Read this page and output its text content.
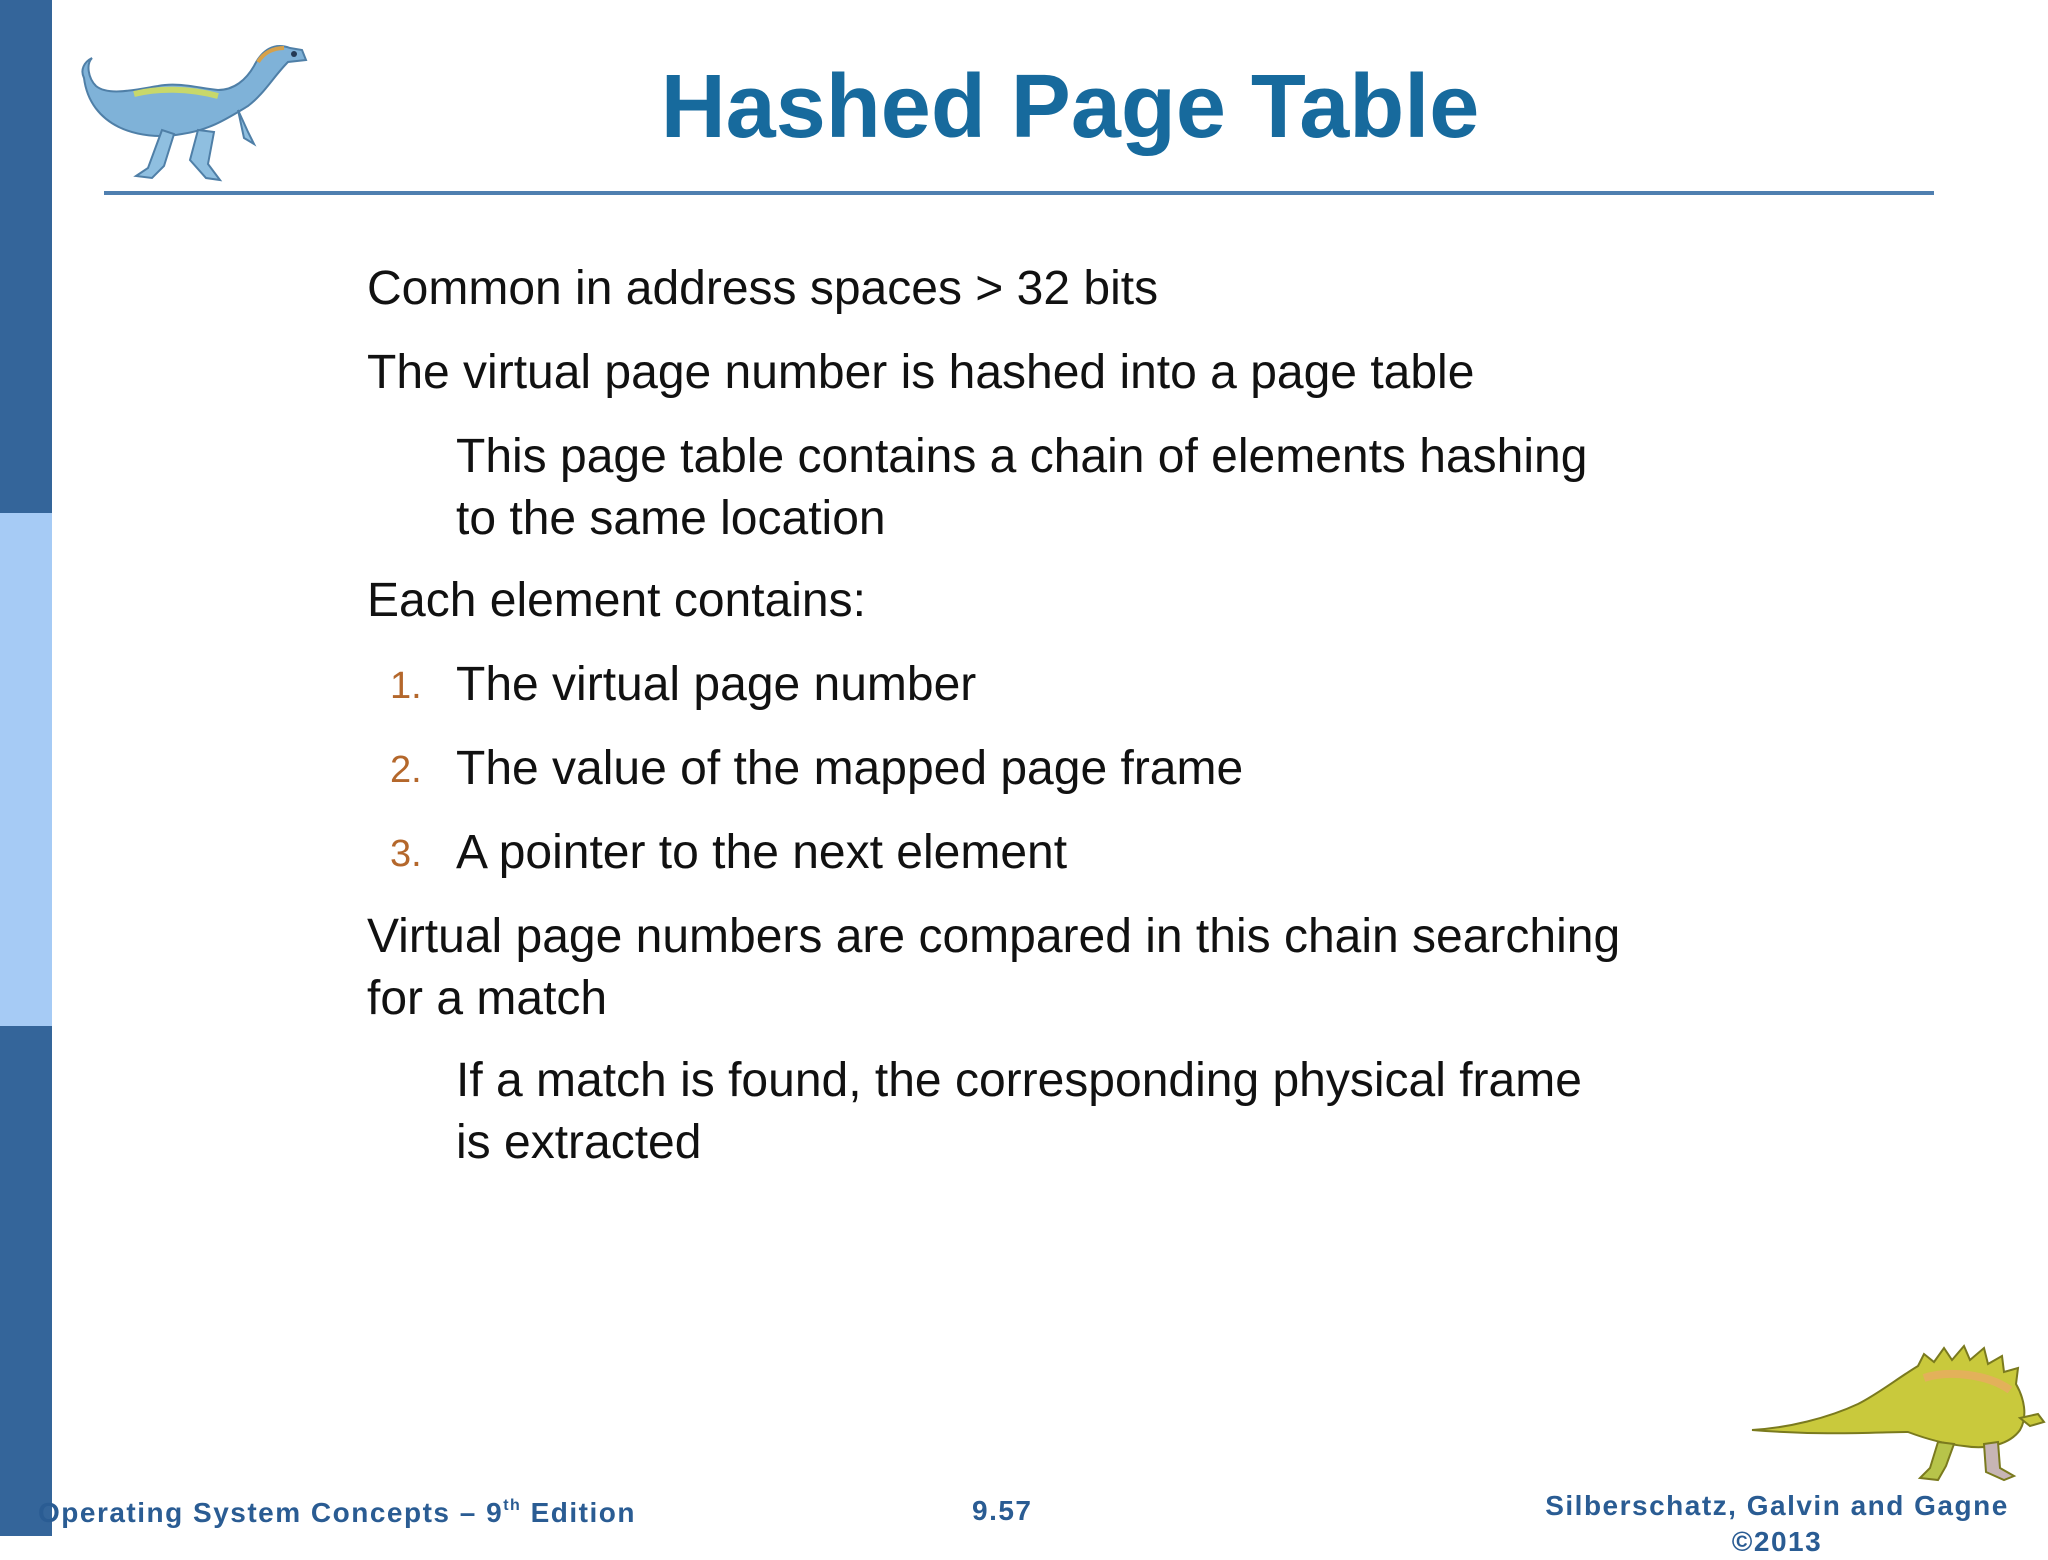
Hashed Page Table
Common in address spaces > 32 bits
The virtual page number is hashed into a page table
This page table contains a chain of elements hashing
to the same location
Each element contains:
1. The virtual page number
2. The value of the mapped page frame
3. A pointer to the next element
Virtual page numbers are compared in this chain searching
for a match
If a match is found, the corresponding physical frame
is extracted
Operating System Concepts – 9th Edition	9.57	Silberschatz, Galvin and Gagne
©2013
